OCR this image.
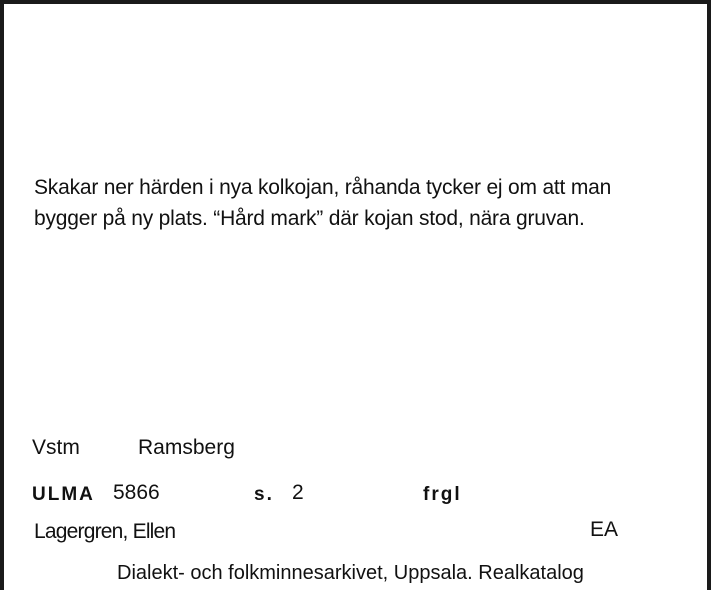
Skakar ner härden i nya kolkojan, råhanda tycker ej om att man
bygger på ny plats. “Hård mark” där kojan stod, nära gruvan.
Vstm	Ramsberg
ULMA 5866	s. 2	frgl
Lagergren, Ellen	EA
Dialekt- och folkminnesarkivet, Uppsala. Realkatalog
